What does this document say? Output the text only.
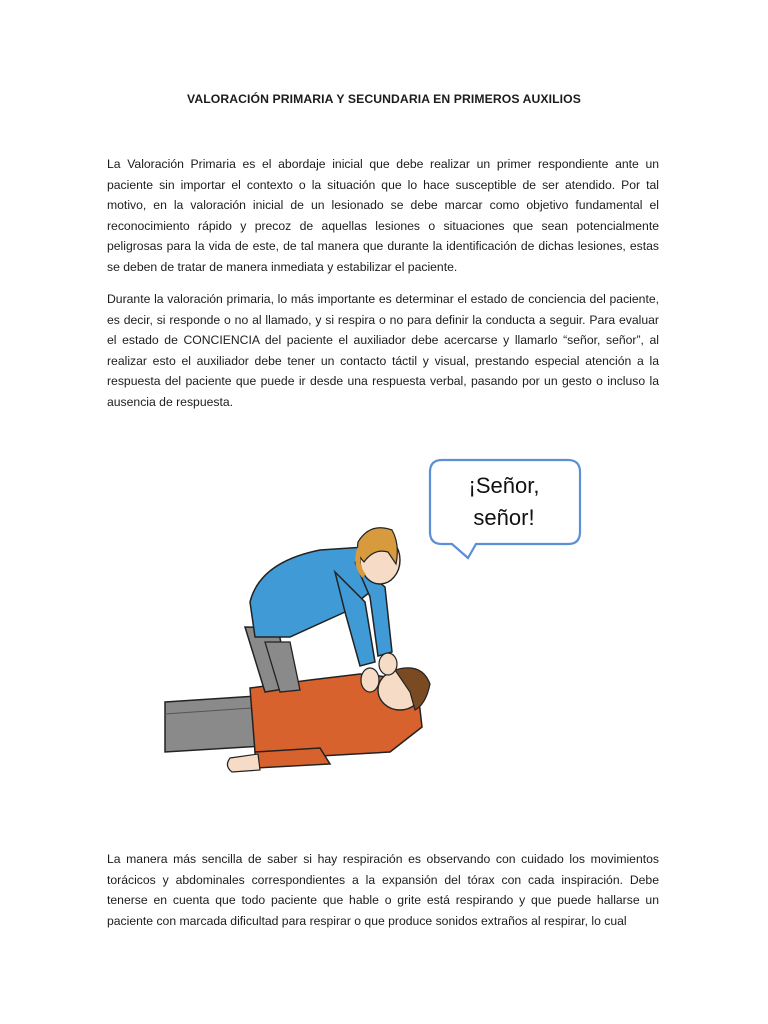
VALORACIÓN PRIMARIA Y SECUNDARIA EN PRIMEROS AUXILIOS
La Valoración Primaria es el abordaje inicial que debe realizar un primer respondiente ante un paciente sin importar el contexto o la situación que lo hace susceptible de ser atendido. Por tal motivo, en la valoración inicial de un lesionado se debe marcar como objetivo fundamental el reconocimiento rápido y precoz de aquellas lesiones o situaciones que sean potencialmente peligrosas para la vida de este, de tal manera que durante la identificación de dichas lesiones, estas se deben de tratar de manera inmediata y estabilizar el paciente.
Durante la valoración primaria, lo más importante es determinar el estado de conciencia del paciente, es decir, si responde o no al llamado, y si respira o no para definir la conducta a seguir. Para evaluar el estado de CONCIENCIA del paciente el auxiliador debe acercarse y llamarlo “señor, señor”, al realizar esto el auxiliador debe tener un contacto táctil y visual, prestando especial atención a la respuesta del paciente que puede ir desde una respuesta verbal, pasando por un gesto o incluso la ausencia de respuesta.
¡Señor,
señor!
La manera más sencilla de saber si hay respiración es observando con cuidado los movimientos torácicos y abdominales correspondientes a la expansión del tórax con cada inspiración. Debe tenerse en cuenta que todo paciente que hable o grite está respirando y que puede hallarse un paciente con marcada dificultad para respirar o que produce sonidos extraños al respirar, lo cual
